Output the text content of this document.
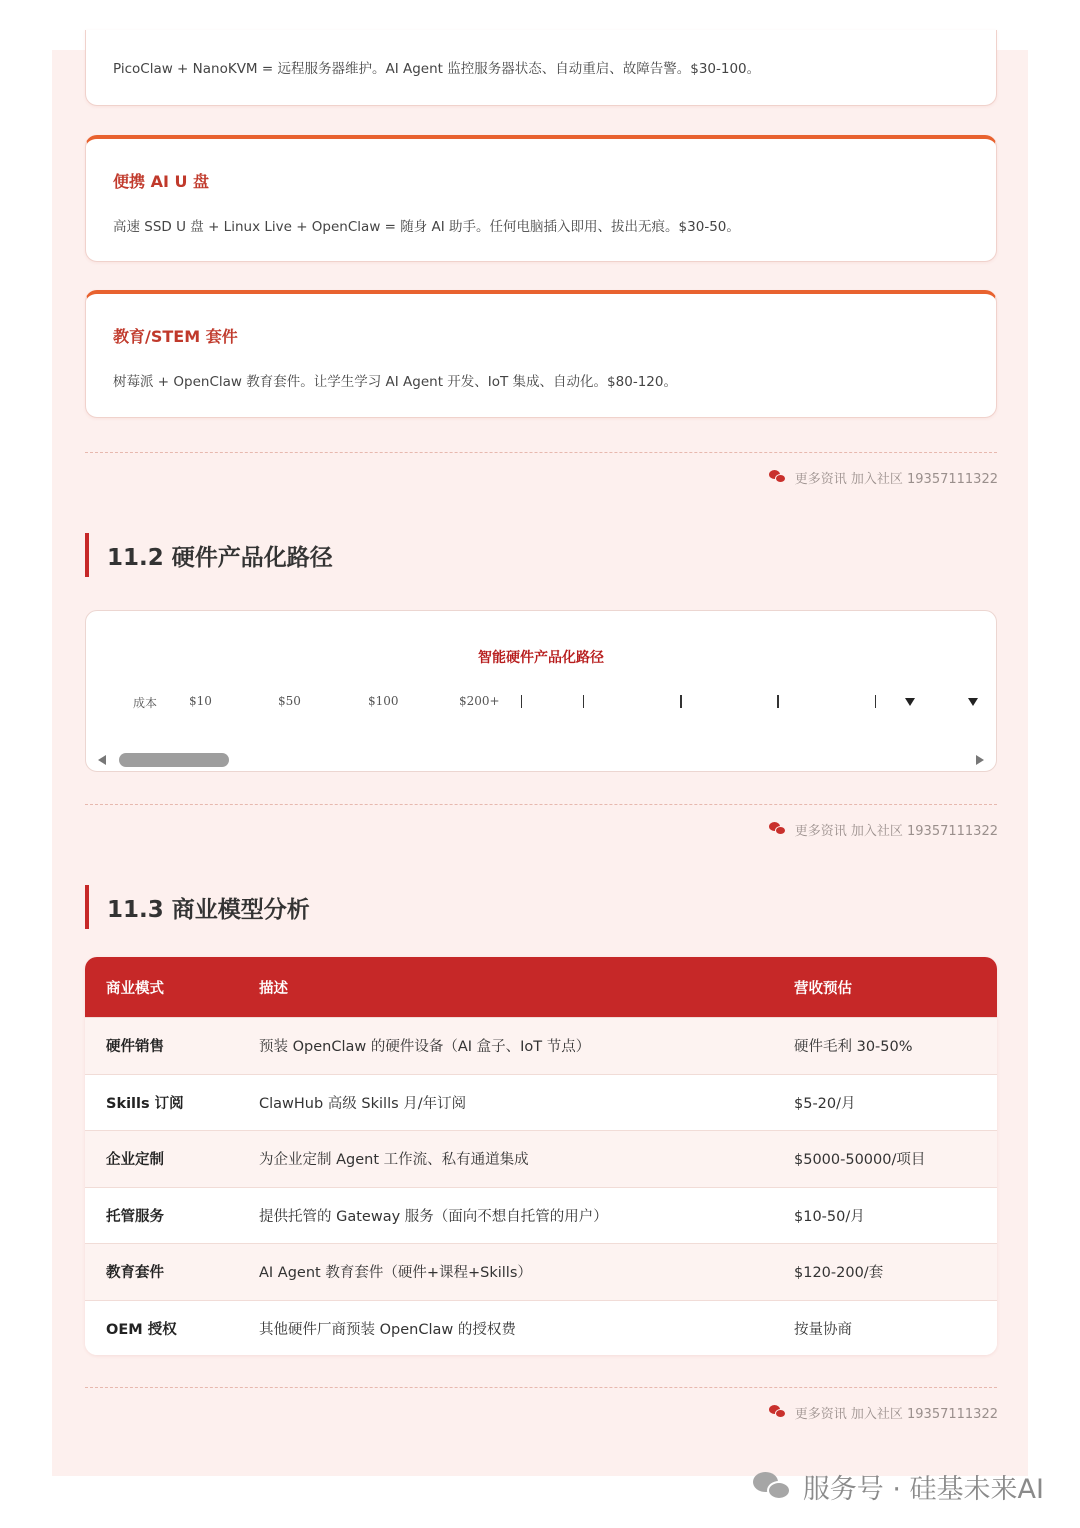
PicoClaw + NanoKVM = 远程服务器维护。AI Agent 监控服务器状态、自动重启、故障告警。$30-100。
便携 AI U 盘
高速 SSD U 盘 + Linux Live + OpenClaw = 随身 AI 助手。任何电脑插入即用、拔出无痕。$30-50。
教育/STEM 套件
树莓派 + OpenClaw 教育套件。让学生学习 AI Agent 开发、IoT 集成、自动化。$80-120。
更多资讯 加入社区 19357111322
11.2 硬件产品化路径
智能硬件产品化路径
成本	$10	$50	$100	$200+
更多资讯 加入社区 19357111322
11.3 商业模型分析
商业模式	描述	营收预估
硬件销售	预装 OpenClaw 的硬件设备（AI 盒子、IoT 节点）	硬件毛利 30-50%
Skills 订阅	ClawHub 高级 Skills 月/年订阅	$5-20/月
企业定制	为企业定制 Agent 工作流、私有通道集成	$5000-50000/项目
托管服务	提供托管的 Gateway 服务（面向不想自托管的用户）	$10-50/月
教育套件	AI Agent 教育套件（硬件+课程+Skills）	$120-200/套
OEM 授权	其他硬件厂商预装 OpenClaw 的授权费	按量协商
更多资讯 加入社区 19357111322
服务号 · 硅基未来AI
